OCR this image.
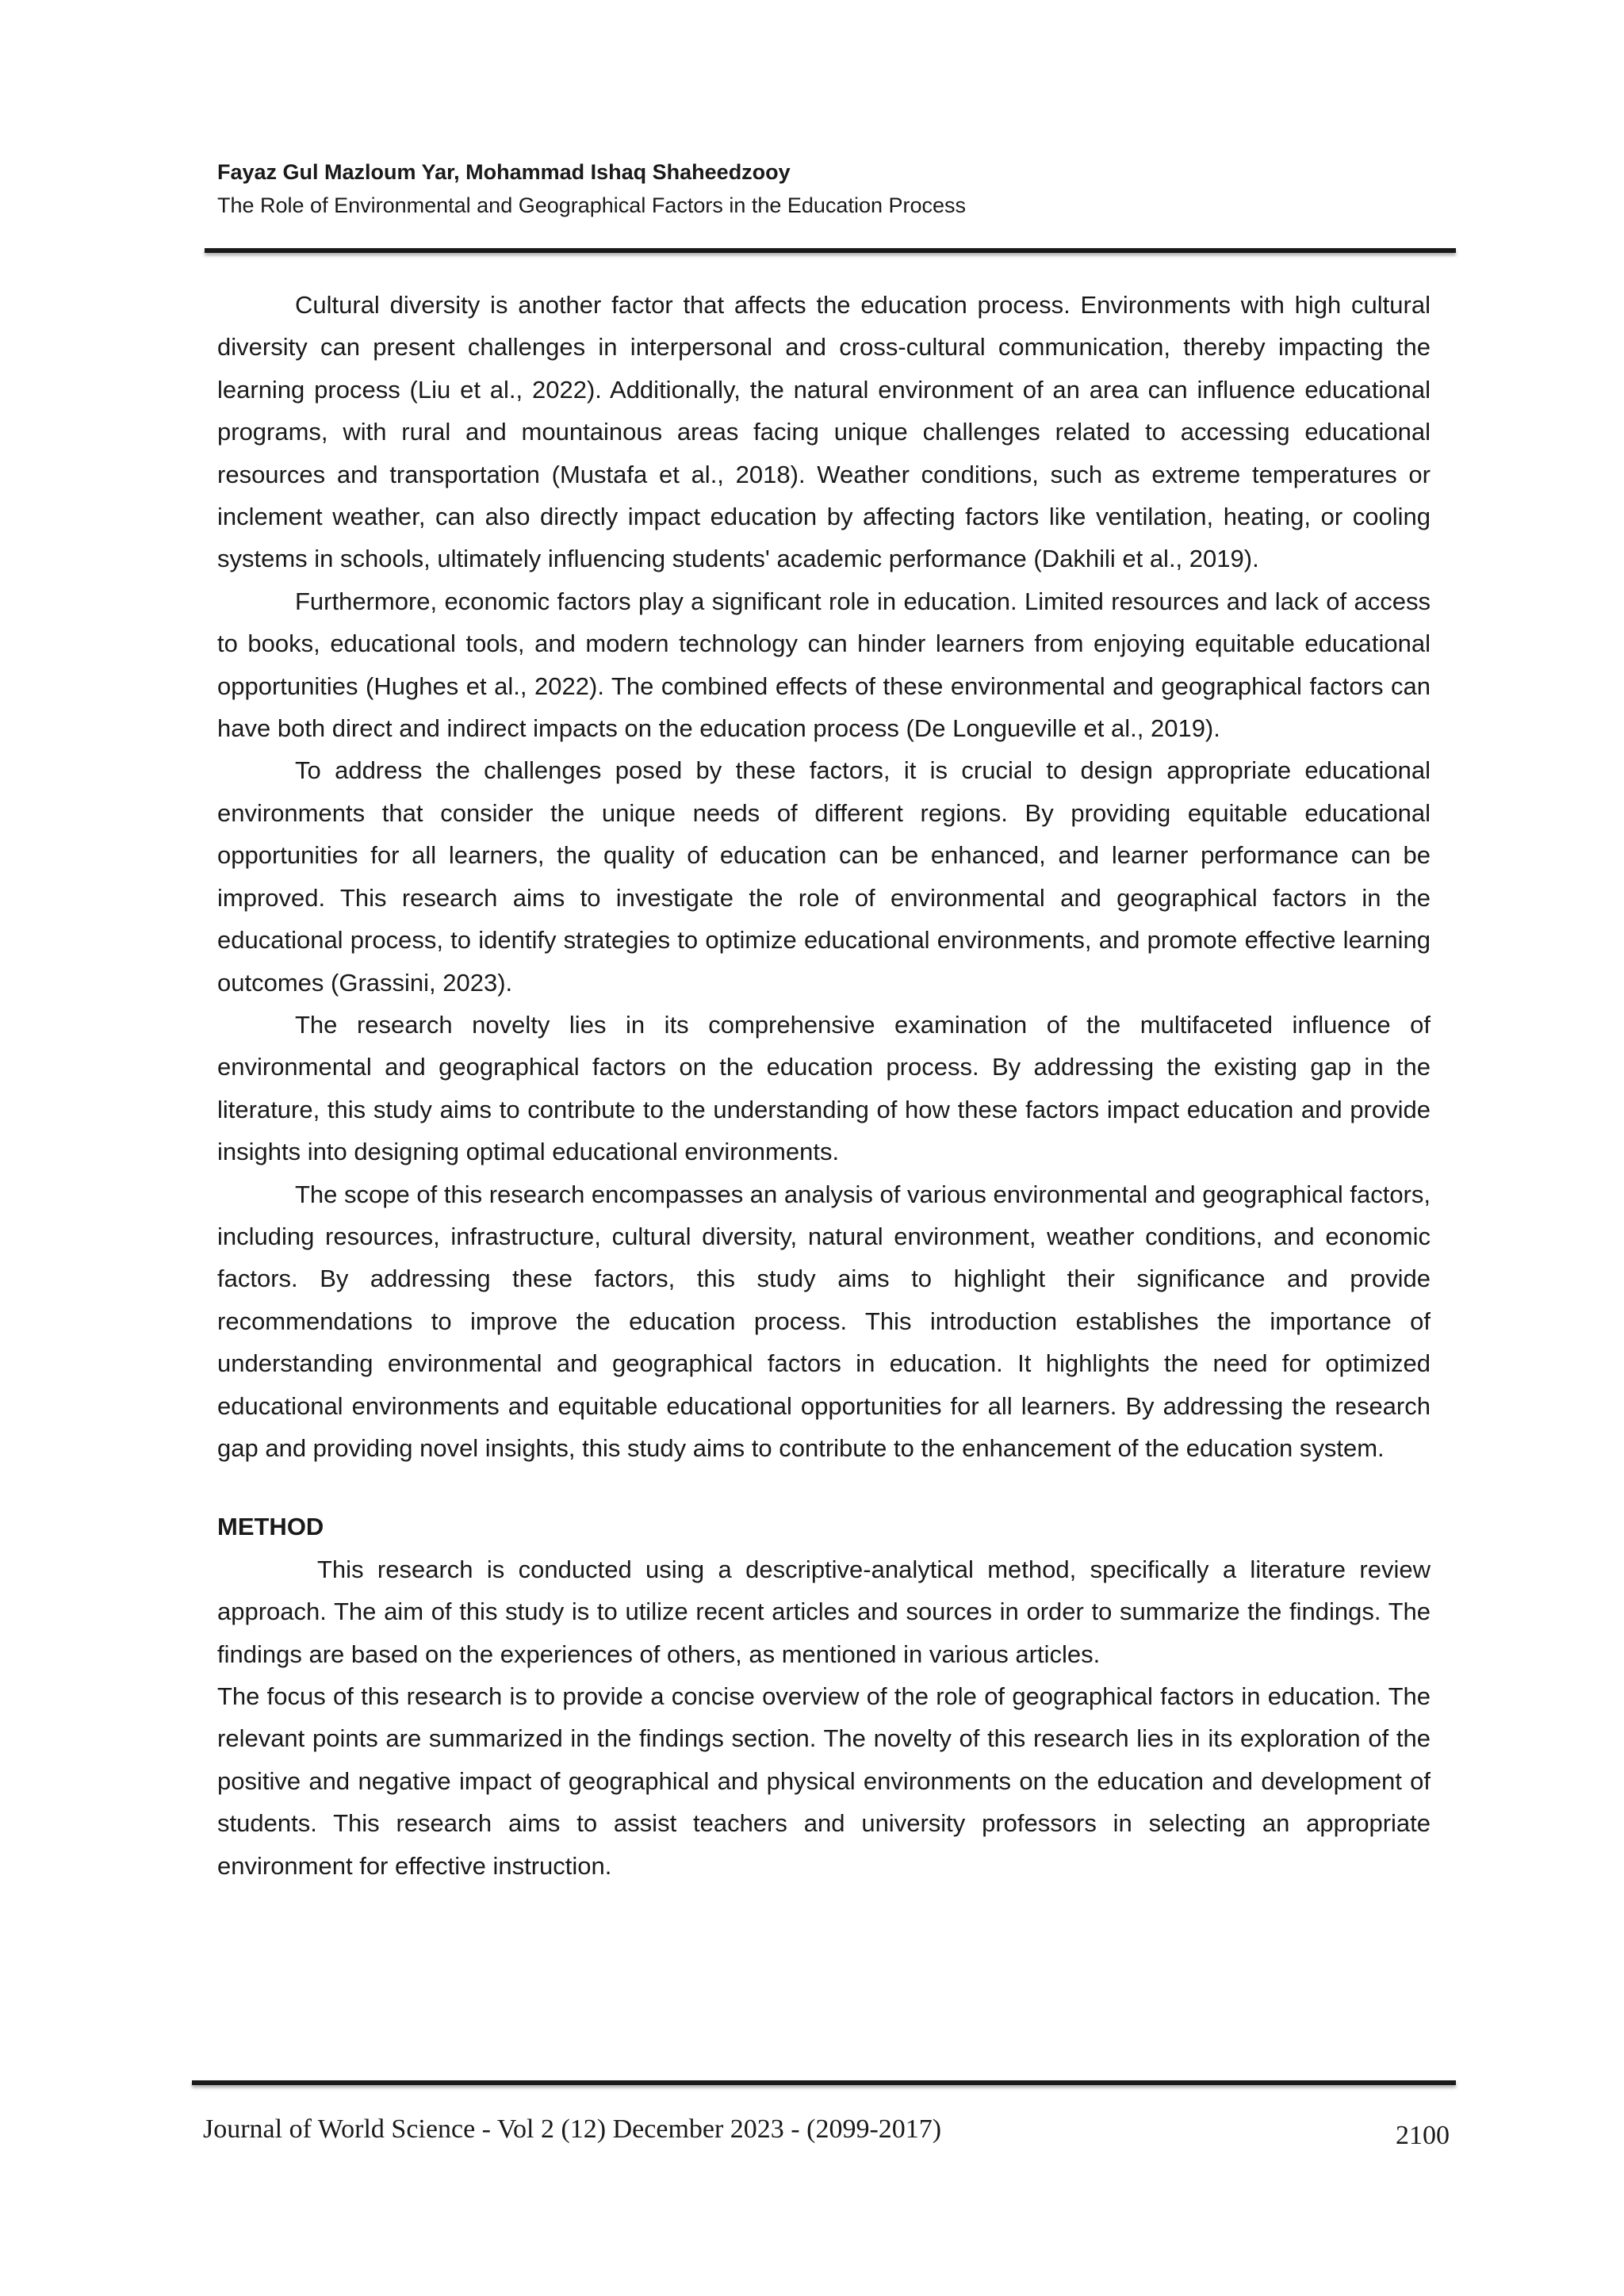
Fayaz Gul Mazloum Yar, Mohammad Ishaq Shaheedzooy
The Role of Environmental and Geographical Factors in the Education Process

Cultural diversity is another factor that affects the education process. Environments with high cultural diversity can present challenges in interpersonal and cross-cultural communication, thereby impacting the learning process (Liu et al., 2022). Additionally, the natural environment of an area can influence educational programs, with rural and mountainous areas facing unique challenges related to accessing educational resources and transportation (Mustafa et al., 2018). Weather conditions, such as extreme temperatures or inclement weather, can also directly impact education by affecting factors like ventilation, heating, or cooling systems in schools, ultimately influencing students' academic performance (Dakhili et al., 2019).

Furthermore, economic factors play a significant role in education. Limited resources and lack of access to books, educational tools, and modern technology can hinder learners from enjoying equitable educational opportunities (Hughes et al., 2022). The combined effects of these environmental and geographical factors can have both direct and indirect impacts on the education process (De Longueville et al., 2019).

To address the challenges posed by these factors, it is crucial to design appropriate educational environments that consider the unique needs of different regions. By providing equitable educational opportunities for all learners, the quality of education can be enhanced, and learner performance can be improved. This research aims to investigate the role of environmental and geographical factors in the educational process, to identify strategies to optimize educational environments, and promote effective learning outcomes (Grassini, 2023).

The research novelty lies in its comprehensive examination of the multifaceted influence of environmental and geographical factors on the education process. By addressing the existing gap in the literature, this study aims to contribute to the understanding of how these factors impact education and provide insights into designing optimal educational environments.

The scope of this research encompasses an analysis of various environmental and geographical factors, including resources, infrastructure, cultural diversity, natural environment, weather conditions, and economic factors. By addressing these factors, this study aims to highlight their significance and provide recommendations to improve the education process. This introduction establishes the importance of understanding environmental and geographical factors in education. It highlights the need for optimized educational environments and equitable educational opportunities for all learners. By addressing the research gap and providing novel insights, this study aims to contribute to the enhancement of the education system.

METHOD

This research is conducted using a descriptive-analytical method, specifically a literature review approach. The aim of this study is to utilize recent articles and sources in order to summarize the findings. The findings are based on the experiences of others, as mentioned in various articles.

The focus of this research is to provide a concise overview of the role of geographical factors in education. The relevant points are summarized in the findings section. The novelty of this research lies in its exploration of the positive and negative impact of geographical and physical environments on the education and development of students. This research aims to assist teachers and university professors in selecting an appropriate environment for effective instruction.

Journal of World Science - Vol 2 (12) December 2023 - (2099-2017)	2100
